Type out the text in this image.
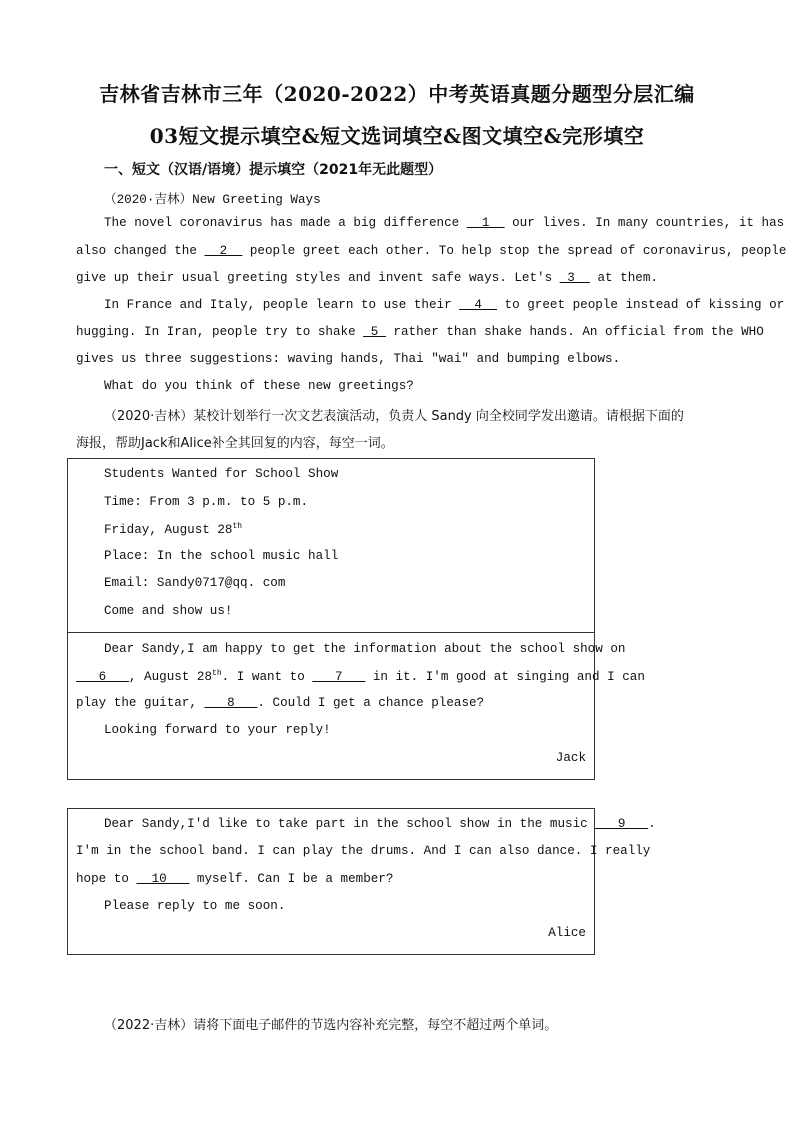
吉林省吉林市三年（2020-2022）中考英语真题分题型分层汇编
03短文提示填空&短文选词填空&图文填空&完形填空
一、短文（汉语/语境）提示填空（2021年无此题型）
（2020·吉林）New Greeting Ways
The novel coronavirus has made a big difference __1__ our lives. In many countries, it has
also changed the __2__ people greet each other. To help stop the spread of coronavirus, people
give up their usual greeting styles and invent safe ways. Let's _3__ at them.
In France and Italy, people learn to use their __4__ to greet people instead of kissing or
hugging. In Iran, people try to shake _5_ rather than shake hands. An official from the WHO
gives us three suggestions: waving hands, Thai "wai" and bumping elbows.
What do you think of these new greetings?
（2020·吉林）某校计划举行一次文艺表演活动，负责人 Sandy 向全校同学发出邀请。请根据下面的
海报，帮助Jack和Alice补全其回复的内容，每空一词。
Students Wanted for School Show
Time: From 3 p.m. to 5 p.m.
Friday, August 28th
Place: In the school music hall
Email: Sandy0717@qq. com
Come and show us!
Dear Sandy,I am happy to get the information about the school show on
___6___, August 28th. I want to ___7___ in it. I'm good at singing and I can
play the guitar, ___8___. Could I get a chance please?
Looking forward to your reply!
Jack
Dear Sandy,I'd like to take part in the school show in the music ___9___.
I'm in the school band. I can play the drums. And I can also dance. I really
hope to __10___ myself. Can I be a member?
Please reply to me soon.
Alice
（2022·吉林）请将下面电子邮件的节选内容补充完整，每空不超过两个单词。
